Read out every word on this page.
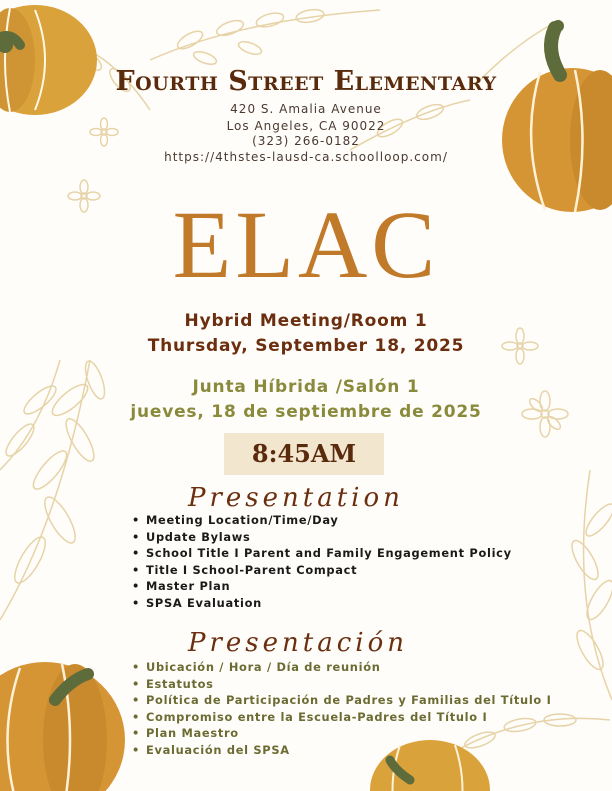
Fourth Street Elementary
420 S. Amalia Avenue
Los Angeles, CA 90022
(323) 266-0182
https://4thstes-lausd-ca.schoolloop.com/
ELAC
Hybrid Meeting/Room 1
Thursday, September 18, 2025
Junta Híbrida /Salón 1
jueves, 18 de septiembre de 2025
8:45AM
Presentation
• Meeting Location/Time/Day
• Update Bylaws
• School Title I Parent and Family Engagement Policy
• Title I School-Parent Compact
• Master Plan
• SPSA Evaluation
Presentación
• Ubicación / Hora / Día de reunión
• Estatutos
• Política de Participación de Padres y Familias del Título I
• Compromiso entre la Escuela-Padres del Título I
• Plan Maestro
• Evaluación del SPSA
